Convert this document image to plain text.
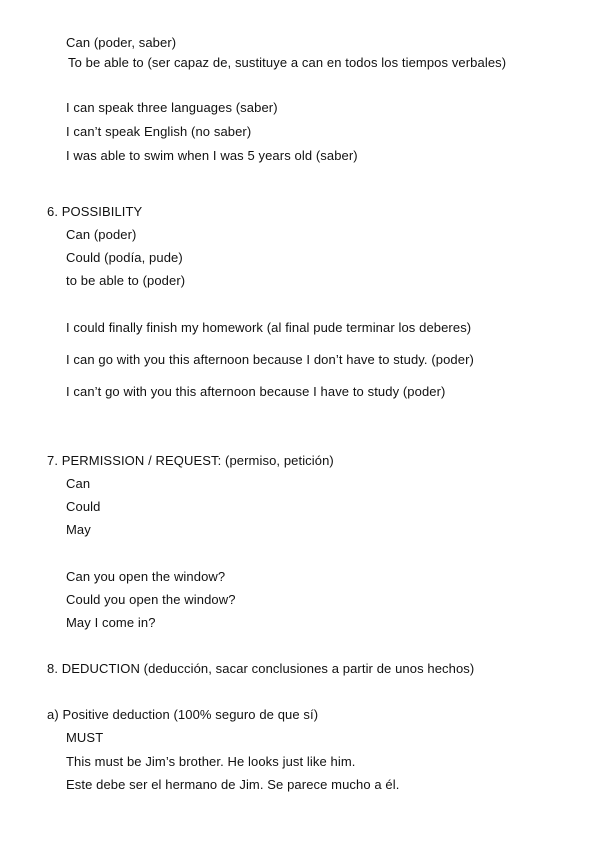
Can (poder, saber)
To be able to (ser capaz de, sustituye a can en todos los tiempos verbales)
I can speak three languages (saber)
I can’t speak English (no saber)
I was able to swim when I was 5 years old (saber)
6. POSSIBILITY
Can (poder)
Could (podía, pude)
to be able to (poder)
I could finally finish my homework (al final pude terminar los deberes)
I can go with you this afternoon because I don’t have to study. (poder)
I can’t go with you this afternoon because I have to study (poder)
7. PERMISSION / REQUEST: (permiso, petición)
Can
Could
May
Can you open the window?
Could you open the window?
May I come in?
8. DEDUCTION (deducción, sacar conclusiones a partir de unos hechos)
a) Positive deduction (100% seguro de que sí)
MUST
This must be Jim’s brother. He looks just like him.
Este debe ser el hermano de Jim. Se parece mucho a él.
